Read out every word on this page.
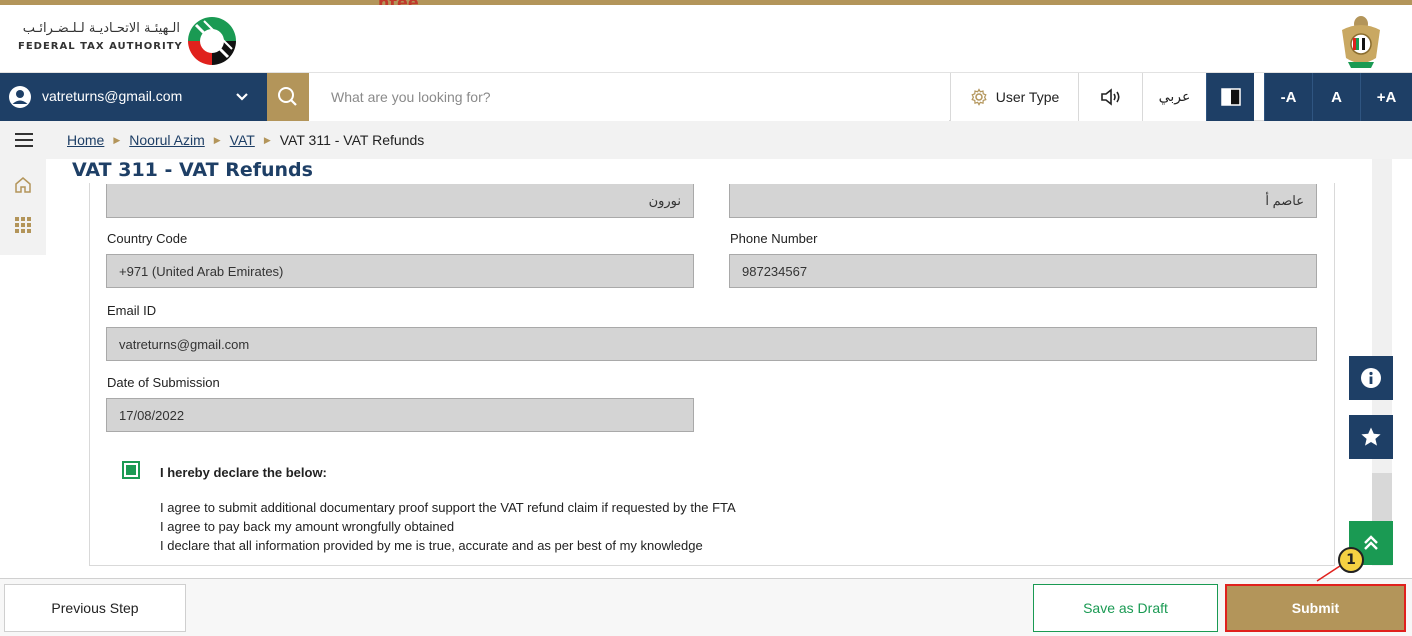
الـهيئـة الاتحـاديـة لـلـضـرائـب
FEDERAL TAX AUTHORITY
vatreturns@gmail.com
What are you looking for?	User Type	عربي	-A	A	+A
Home ▶ Noorul Azim ▶ VAT ▶ VAT 311 - VAT Refunds
VAT 311 - VAT Refunds
نورون	عاصم أ
Country Code
+971 (United Arab Emirates)
Phone Number
987234567
Email ID
vatreturns@gmail.com
Date of Submission
17/08/2022
I hereby declare the below:
I agree to submit additional documentary proof support the VAT refund claim if requested by the FTA
I agree to pay back my amount wrongfully obtained
I declare that all information provided by me is true, accurate and as per best of my knowledge
Previous Step	Save as Draft	Submit
1
